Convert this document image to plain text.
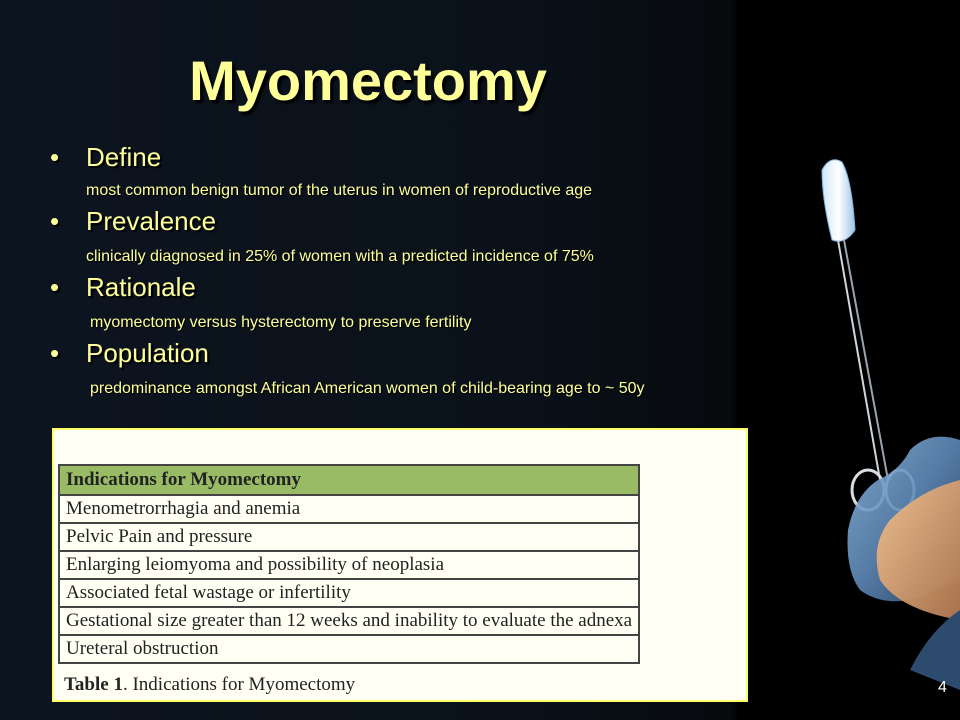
Myomectomy
•	Define
most common benign tumor of the uterus in women of reproductive age
•	Prevalence
clinically diagnosed in 25% of women with a predicted incidence of 75%
•	Rationale
myomectomy versus hysterectomy to preserve fertility
•	Population
predominance amongst African American women of child-bearing age to ~ 50y
Indications for Myomectomy
Menometrorrhagia and anemia
Pelvic Pain and pressure
Enlarging leiomyoma and possibility of neoplasia
Associated fetal wastage or infertility
Gestational size greater than 12 weeks and inability to evaluate the adnexa
Ureteral obstruction
Table 1. Indications for Myomectomy	4
